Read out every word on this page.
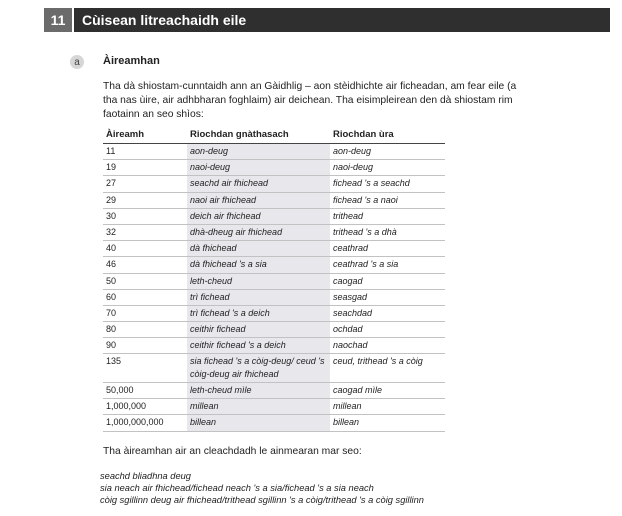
11	Cùisean litreachaidh eile
a	Àireamhan
Tha dà shiostam-cunntaidh ann an Gàidhlig – aon stèidhichte air ficheadan, am fear eile (a tha nas ùire, air adhbharan foghlaim) air deichean. Tha eisimpleirean den dà shiostam rim faotainn an seo shìos:
Àireamh	Riochdan gnàthasach	Riochdan ùra
11	aon-deug	aon-deug
19	naoi-deug	naoi-deug
27	seachd air fhichead	fichead 's a seachd
29	naoi air fhichead	fichead 's a naoi
30	deich air fhichead	trithead
32	dhà-dheug air fhichead	trithead 's a dhà
40	dà fhichead	ceathrad
46	dà fhichead 's a sia	ceathrad 's a sia
50	leth-cheud	caogad
60	trì fichead	seasgad
70	trì fichead 's a deich	seachdad
80	ceithir fichead	ochdad
90	ceithir fichead 's a deich	naochad
135	sia fichead 's a còig-deug/ ceud 's còig-deug air fhichead	ceud, trithead 's a còig
50,000	leth-cheud mìle	caogad mìle
1,000,000	millean	millean
1,000,000,000	billean	billean
Tha àireamhan air an cleachdadh le ainmearan mar seo:
seachd bliadhna deug
sia neach air fhichead/fichead neach 's a sia/fichead 's a sia neach
còig sgillinn deug air fhichead/trithead sgillinn 's a còig/trithead 's a còig sgillinn
